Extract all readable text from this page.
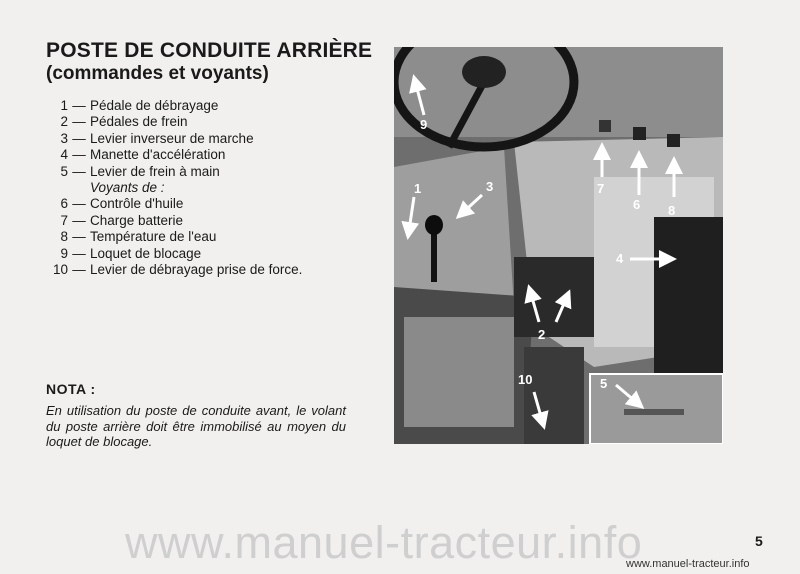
POSTE DE CONDUITE ARRIÈRE
(commandes et voyants)
1 — Pédale de débrayage
2 — Pédales de frein
3 — Levier inverseur de marche
4 — Manette d'accélération
5 — Levier de frein à main
Voyants de :
6 — Contrôle d'huile
7 — Charge batterie
8 — Température de l'eau
9 — Loquet de blocage
10 — Levier de débrayage prise de force.
NOTA :
En utilisation du poste de conduite avant, le volant du poste arrière doit être immobilisé au moyen du loquet de blocage.
9
1	3	7
6 8
4
2
10	5
www.manuel-tracteur.info	5
www.manuel-tracteur.info
